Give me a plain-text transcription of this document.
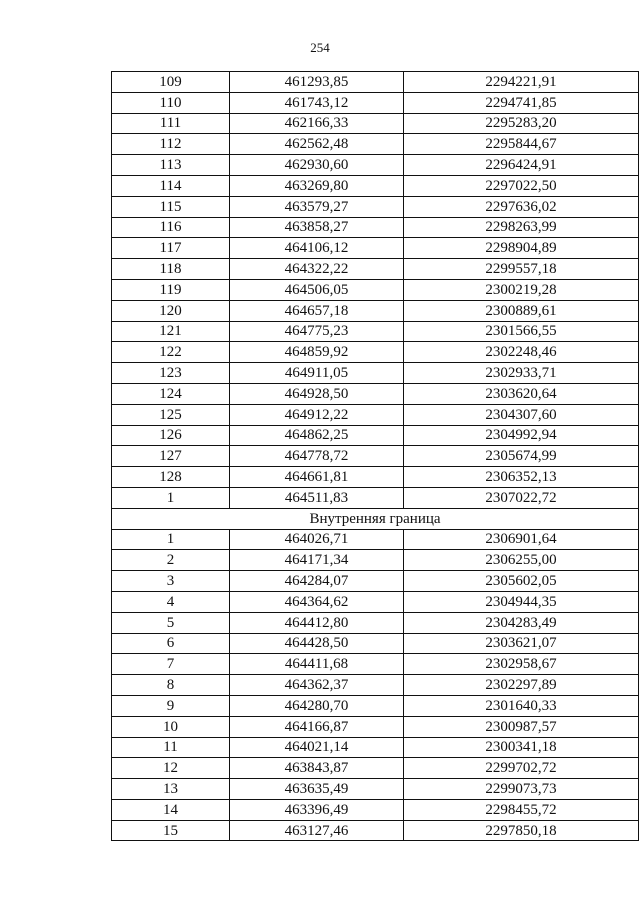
254
109	461293,85	2294221,91
110	461743,12	2294741,85
111	462166,33	2295283,20
112	462562,48	2295844,67
113	462930,60	2296424,91
114	463269,80	2297022,50
115	463579,27	2297636,02
116	463858,27	2298263,99
117	464106,12	2298904,89
118	464322,22	2299557,18
119	464506,05	2300219,28
120	464657,18	2300889,61
121	464775,23	2301566,55
122	464859,92	2302248,46
123	464911,05	2302933,71
124	464928,50	2303620,64
125	464912,22	2304307,60
126	464862,25	2304992,94
127	464778,72	2305674,99
128	464661,81	2306352,13
1	464511,83	2307022,72
Внутренняя граница		
1	464026,71	2306901,64
2	464171,34	2306255,00
3	464284,07	2305602,05
4	464364,62	2304944,35
5	464412,80	2304283,49
6	464428,50	2303621,07
7	464411,68	2302958,67
8	464362,37	2302297,89
9	464280,70	2301640,33
10	464166,87	2300987,57
11	464021,14	2300341,18
12	463843,87	2299702,72
13	463635,49	2299073,73
14	463396,49	2298455,72
15	463127,46	2297850,18
